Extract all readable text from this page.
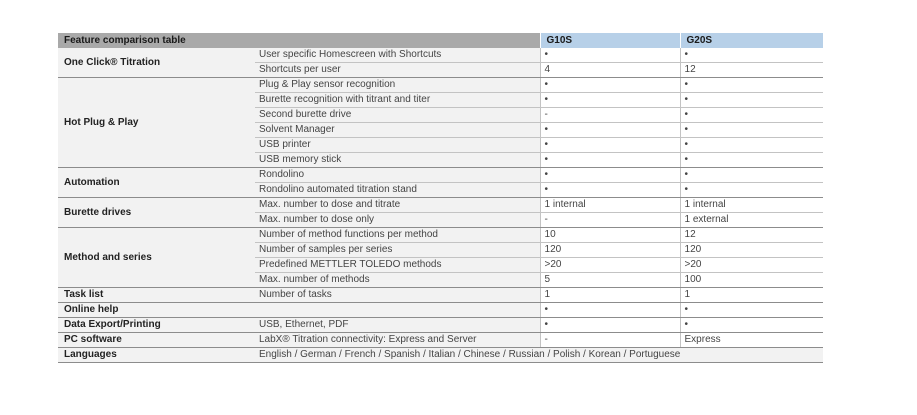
Feature comparison table		G10S	G20S
One Click® Titration	User specific Homescreen with Shortcuts	•	•
	Shortcuts per user	4	12
Hot Plug & Play	Plug & Play sensor recognition	•	•
	Burette recognition with titrant and titer	•	•
	Second burette drive	-	•
	Solvent Manager	•	•
	USB printer	•	•
	USB memory stick	•	•
Automation	Rondolino	•	•
	Rondolino automated titration stand	•	•
Burette drives	Max. number to dose and titrate	1 internal	1 internal
	Max. number to dose only	-	1 external
Method and series	Number of method functions per method	10	12
	Number of samples per series	120	120
	Predefined METTLER TOLEDO methods	>20	>20
	Max. number of methods	5	100
Task list	Number of tasks	1	1
Online help		•	•
Data Export/Printing	USB, Ethernet, PDF	•	•
PC software	LabX® Titration connectivity: Express and Server	-	Express
Languages	English / German / French / Spanish / Italian / Chinese / Russian / Polish / Korean / Portuguese		
